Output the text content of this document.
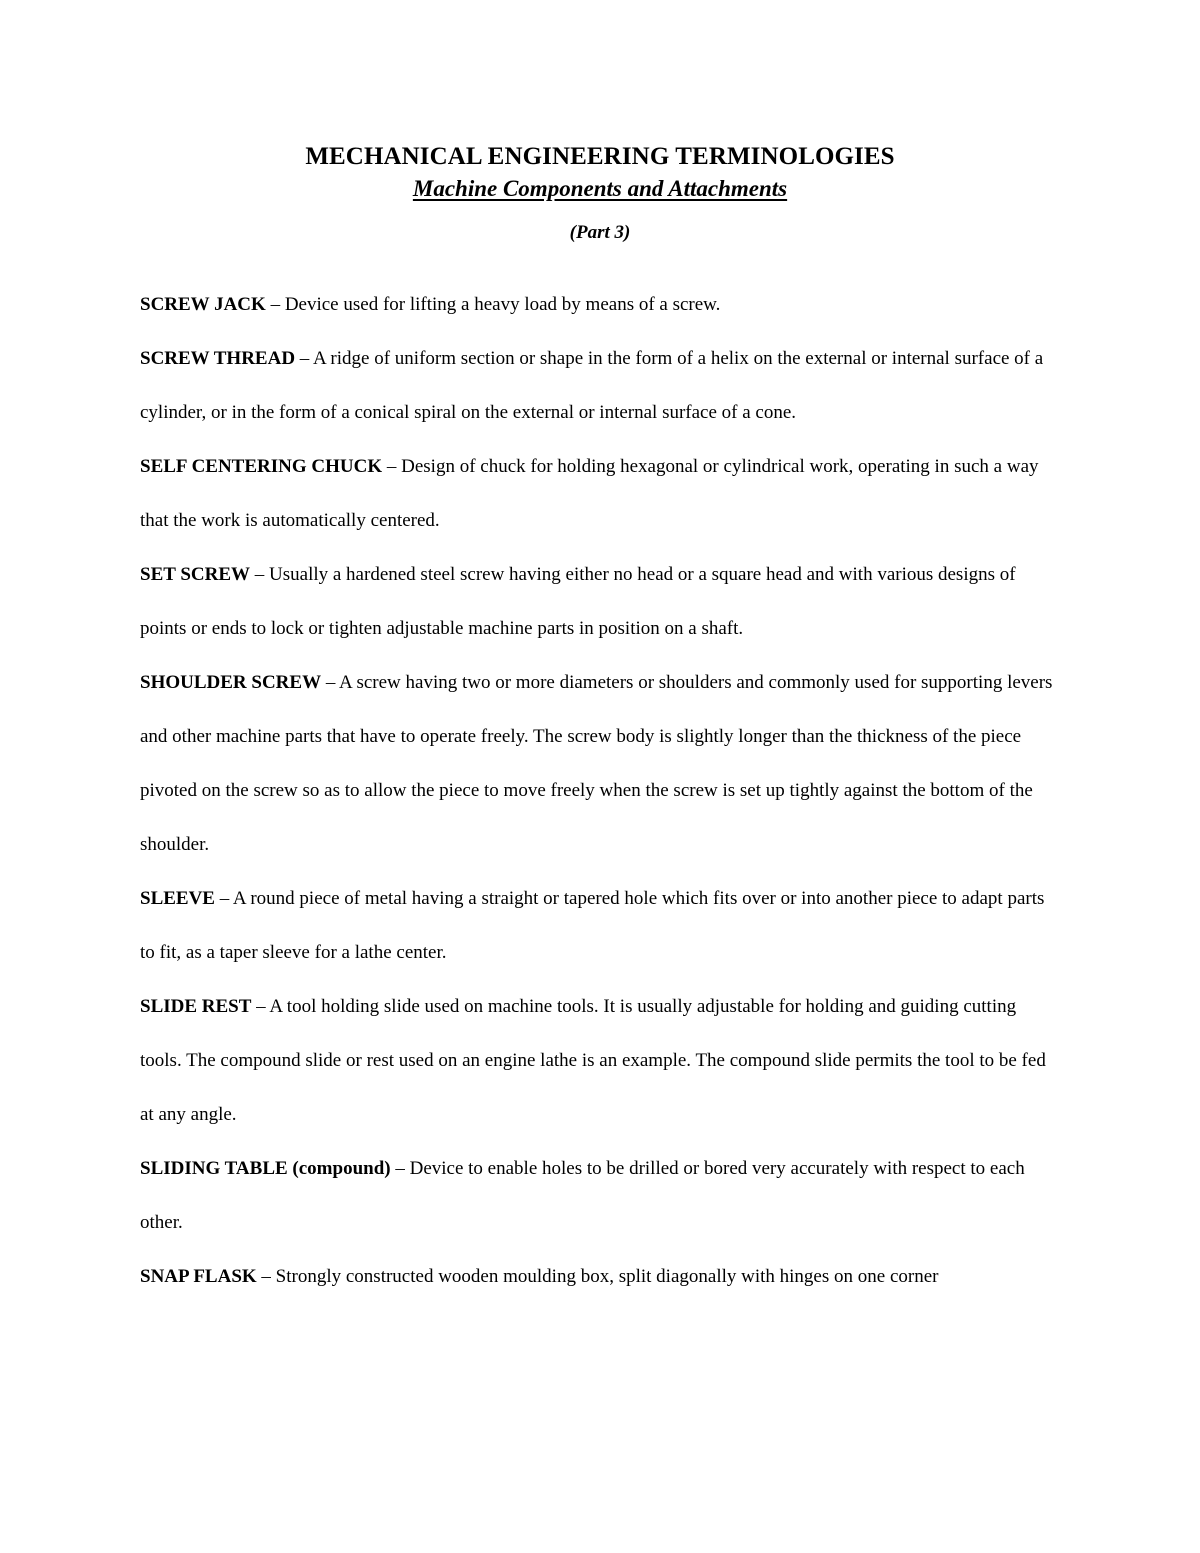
MECHANICAL ENGINEERING TERMINOLOGIES
Machine Components and Attachments
(Part 3)

SCREW JACK – Device used for lifting a heavy load by means of a screw.

SCREW THREAD – A ridge of uniform section or shape in the form of a helix on the external or internal surface of a cylinder, or in the form of a conical spiral on the external or internal surface of a cone.

SELF CENTERING CHUCK – Design of chuck for holding hexagonal or cylindrical work, operating in such a way that the work is automatically centered.

SET SCREW – Usually a hardened steel screw having either no head or a square head and with various designs of points or ends to lock or tighten adjustable machine parts in position on a shaft.

SHOULDER SCREW – A screw having two or more diameters or shoulders and commonly used for supporting levers and other machine parts that have to operate freely. The screw body is slightly longer than the thickness of the piece pivoted on the screw so as to allow the piece to move freely when the screw is set up tightly against the bottom of the shoulder.

SLEEVE – A round piece of metal having a straight or tapered hole which fits over or into another piece to adapt parts to fit, as a taper sleeve for a lathe center.

SLIDE REST – A tool holding slide used on machine tools. It is usually adjustable for holding and guiding cutting tools. The compound slide or rest used on an engine lathe is an example. The compound slide permits the tool to be fed at any angle.

SLIDING TABLE (compound) – Device to enable holes to be drilled or bored very accurately with respect to each other.

SNAP FLASK – Strongly constructed wooden moulding box, split diagonally with hinges on one corner
